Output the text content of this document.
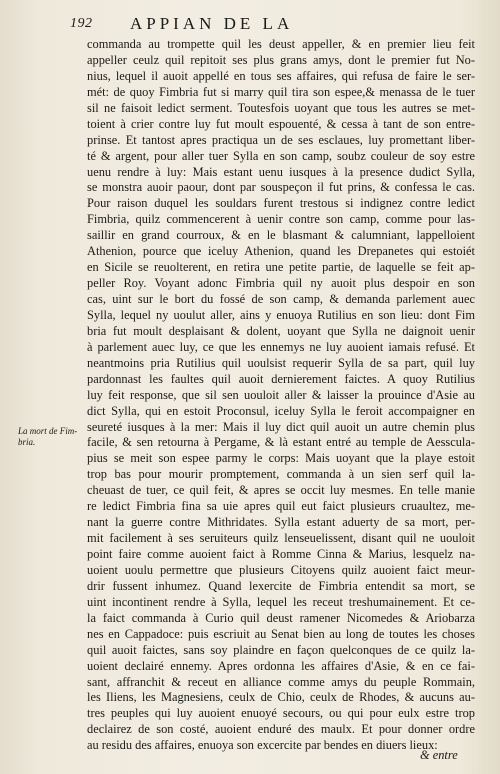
192 APPIAN DE LA
La mort de Fim-
bria.
commanda au trompette quil les deust appeller, & en premier lieu feit
appeller ceulz quil repitoit ses plus grans amys, dont le premier fut No-
nius, lequel il auoit appellé en tous ses affaires, qui refusa de faire le ser-
mét: de quoy Fimbria fut si marry quil tira son espee,& menassa de le tuer
sil ne faisoit ledict serment. Toutesfois uoyant que tous les autres se met-
toient à crier contre luy fut moult espouenté, & cessa à tant de son entre-
prinse. Et tantost apres practiqua un de ses esclaues, luy promettant liber-
té & argent, pour aller tuer Sylla en son camp, soubz couleur de soy estre
uenu rendre à luy: Mais estant uenu iusques à la presence dudict Sylla,
se monstra auoir paour, dont par souspeçon il fut prins, & confessa le cas.
Pour raison duquel les souldars furent trestous si indignez contre ledict
Fimbria, quilz commencerent à uenir contre son camp, comme pour las-
saillir en grand courroux, & en le blasmant & calumniant, lappelloient
Athenion, pource que iceluy Athenion, quand les Drepanetes qui estoiét
en Sicile se reuolterent, en retira une petite partie, de laquelle se feit ap-
peller Roy. Voyant adonc Fimbria quil ny auoit plus despoir en son
cas, uint sur le bort du fossé de son camp, & demanda parlement auec
Sylla, lequel ny uoulut aller, ains y enuoya Rutilius en son lieu: dont Fim
bria fut moult desplaisant & dolent, uoyant que Sylla ne daignoit uenir
à parlement auec luy, ce que les ennemys ne luy auoient iamais refusé. Et
neantmoins pria Rutilius quil uoulsist requerir Sylla de sa part, quil luy
pardonnast les faultes quil auoit dernierement faictes. A quoy Rutilius
luy feit response, que sil sen uouloit aller & laisser la prouince d'Asie au
dict Sylla, qui en estoit Proconsul, iceluy Sylla le feroit accompaigner en
seureté iusques à la mer: Mais il luy dict quil auoit un autre chemin plus
facile, & sen retourna à Pergame, & là estant entré au temple de Aesscula-
pius se meit son espee parmy le corps: Mais uoyant que la playe estoit
trop bas pour mourir promptement, commanda à un sien serf quil la-
cheuast de tuer, ce quil feit, & apres se occit luy mesmes. En telle manie
re ledict Fimbria fina sa uie apres quil eut faict plusieurs cruaultez, me-
nant la guerre contre Mithridates. Sylla estant aduerty de sa mort, per-
mit facilement à ses seruiteurs quilz lenseuelissent, disant quil ne uouloit
point faire comme auoient faict à Romme Cinna & Marius, lesquelz na-
uoient uoulu permettre que plusieurs Citoyens quilz auoient faict meur-
drir fussent inhumez. Quand lexercite de Fimbria entendit sa mort, se
uint incontinent rendre à Sylla, lequel les receut treshumainement. Et ce-
la faict commanda à Curio quil deust ramener Nicomedes & Ariobarza
nes en Cappadoce: puis escriuit au Senat bien au long de toutes les choses
quil auoit faictes, sans soy plaindre en façon quelconques de ce quilz la-
uoient declairé ennemy. Apres ordonna les affaires d'Asie, & en ce fai-
sant, affranchit & receut en alliance comme amys du peuple Rommain,
les Iliens, les Magnesiens, ceulx de Chio, ceulx de Rhodes, & aucuns au-
tres peuples qui luy auoient enuoyé secours, ou qui pour eulx estre trop
declairez de son costé, auoient enduré des maulx. Et pour donner ordre
au residu des affaires, enuoya son excercite par bendes en diuers lieux:
& entre
